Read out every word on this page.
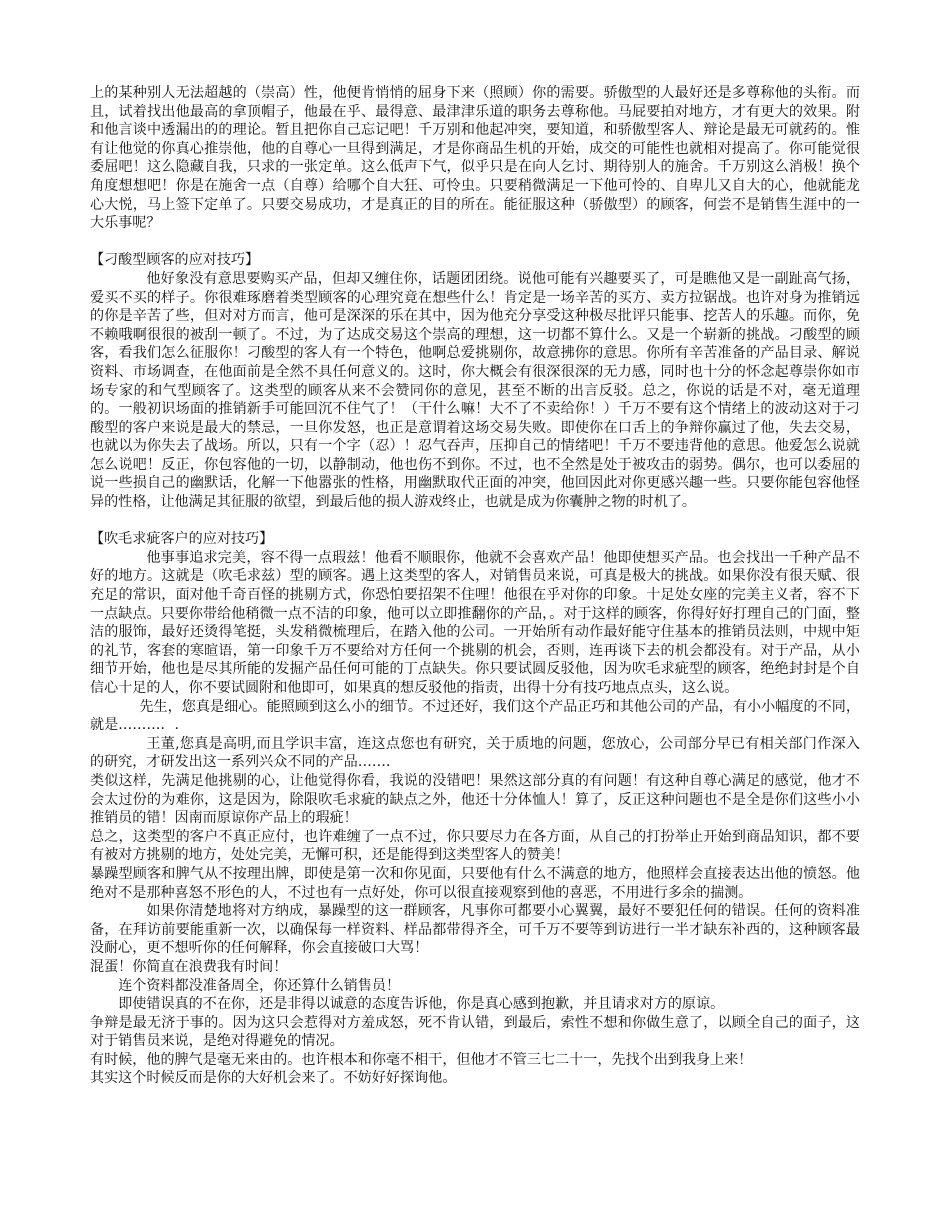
上的某种别人无法超越的（崇高）性，他便肯悄悄的屈身下来（照顾）你的需要。骄傲型的人最好还是多尊称他的头衔。而且，试着找出他最高的拿顶帽子，他最在乎、最得意、最津津乐道的职务去尊称他。马屁要拍对地方，才有更大的效果。附和他言谈中透漏出的的理论。暂且把你自己忘记吧！千万别和他起冲突，要知道，和骄傲型客人、辩论是最无可就药的。惟有让他觉的你真心推崇他，他的自尊心一旦得到满足，才是你商品生机的开始，成交的可能性也就相对提高了。你可能觉很委屈吧！这么隐藏自我，只求的一张定单。这么低声下气，似乎只是在向人乞讨、期待别人的施舍。千万别这么消极！换个角度想想吧！你是在施舍一点（自尊）给哪个自大狂、可怜虫。只要稍微满足一下他可怜的、自卑儿又自大的心，他就能龙心大悦，马上签下定单了。只要交易成功，才是真正的目的所在。能征服这种（骄傲型）的顾客，何尝不是销售生涯中的一大乐事呢？

【刁酸型顾客的应对技巧】

他好象没有意思要购买产品，但却又缠住你，话题团团绕。说他可能有兴趣要买了，可是瞧他又是一副趾高气扬，爱买不买的样子。你很难琢磨着类型顾客的心理究竟在想些什么！肯定是一场辛苦的买方、卖方拉锯战。也许对身为推销远的你是辛苦了些，但对对方而言，他可是深深的乐在其中，因为他充分享受这种极尽批评只能事、挖苦人的乐趣。而你，免不赖哦啊很很的被刮一顿了。不过，为了达成交易这个崇高的理想，这一切都不算什么。又是一个崭新的挑战。刁酸型的顾客，看我们怎么征服你！刁酸型的客人有一个特色，他啊总爱挑剔你，故意拂你的意思。你所有辛苦准备的产品目录、解说资料、市场调查，在他面前是全然不具任何意义的。这时，你大概会有很深很深的无力感，同时也十分的怀念起尊崇你如市场专家的和气型顾客了。这类型的顾客从来不会赞同你的意见，甚至不断的出言反驳。总之，你说的话是不对，毫无道理的。一般初识场面的推销新手可能回沉不住气了！（干什么嘛！大不了不卖给你！）千万不要有这个情绪上的波动这对于刁酸型的客户来说是最大的禁忌，一旦你发怒，也正是意谓着这场交易失败。即使你在口舌上的争辩你赢过了他，失去交易，也就以为你失去了战场。所以，只有一个字（忍）！忍气吞声，压抑自己的情绪吧！千万不要违背他的意思。他爱怎么说就怎么说吧！反正，你包容他的一切，以静制动，他也伤不到你。不过，也不全然是处于被攻击的弱势。偶尔，也可以委屈的说一些损自己的幽默话，化解一下他嚣张的性格，用幽默取代正面的冲突，他回因此对你更感兴趣一些。只要你能包容他怪异的性格，让他满足其征服的欲望，到最后他的损人游戏终止，也就是成为你囊肿之物的时机了。

【吹毛求疵客户的应对技巧】

他事事追求完美，容不得一点瑕兹！他看不顺眼你，他就不会喜欢产品！他即使想买产品。也会找出一千种产品不好的地方。这就是（吹毛求兹）型的顾客。遇上这类型的客人，对销售员来说，可真是极大的挑战。如果你没有很天赋、很充足的常识，面对他千奇百怪的挑剔方式，你恐怕要招架不住哩！他很在乎对你的印象。十足处女座的完美主义者，容不下一点缺点。只要你带给他稍微一点不洁的印象，他可以立即推翻你的产品，。对于这样的顾客，你得好好打理自己的门面，整洁的服饰，最好还烫得笔挺，头发稍微梳理后，在踏入他的公司。一开始所有动作最好能守住基本的推销员法则，中规中矩的礼节，客套的寒暄语，第一印象千万不要给对方任何一个挑剔的机会，否则，连再谈下去的机会都没有。对于产品，从小细节开始，他也是尽其所能的发掘产品任何可能的丁点缺失。你只要试圆反驳他，因为吹毛求疵型的顾客，绝绝封封是个自信心十足的人，你不要试圆附和他即可，如果真的想反驳他的指责，出得十分有技巧地点点头，这么说。

先生，您真是细心。能照顾到这么小的细节。不过还好，我们这个产品正巧和其他公司的产品，有小小幅度的不同，就是………．.

王董,您真是高明,而且学识丰富，连这点您也有研究，关于质地的问题，您放心，公司部分早已有相关部门作深入的研究，才研发出这一系列兴众不同的产品……．

类似这样，先满足他挑剔的心，让他觉得你看，我说的没错吧！果然这部分真的有问题！有这种自尊心满足的感觉，他才不会太过份的为难你，这是因为，除限吹毛求疵的缺点之外，他还十分体恤人！算了，反正这种问题也不是全是你们这些小小推销员的错！因南而原谅你产品上的瑕疵！

总之，这类型的客户不真正应付，也许难缠了一点不过，你只要尽力在各方面，从自己的打扮举止开始到商品知识，都不要有被对方挑剔的地方，处处完美，无懈可积，还是能得到这类型客人的赞美！

暴躁型顾客和脾气从不按理出牌，即使是第一次和你见面，只要他有什么不满意的地方，他照样会直接表达出他的愤怒。他绝对不是那种喜怒不形色的人，不过也有一点好处，你可以很直接观察到他的喜恶，不用进行多余的揣测。

如果你清楚地将对方纳成，暴躁型的这一群顾客，凡事你可都要小心翼翼，最好不要犯任何的错误。任何的资料准备，在拜访前要能重新一次，以确保每一样资料、样品都带得齐全，可千万不要等到访进行一半才缺东补西的，这种顾客最没耐心，更不想听你的任何解释，你会直接破口大骂！

混蛋！你简直在浪费我有时间！

连个资料都没准备周全，你还算什么销售员！

即使错误真的不在你，还是非得以诚意的态度告诉他，你是真心感到抱歉，并且请求对方的原谅。

争辩是最无济于事的。因为这只会惹得对方羞成怒，死不肯认错，到最后，索性不想和你做生意了，以顾全自己的面子，这对于销售员来说，是绝对得避免的情况。

有时候，他的脾气是毫无来由的。也许根本和你毫不相干，但他才不管三七二十一，先找个出到我身上来！

其实这个时候反而是你的大好机会来了。不妨好好探询他。
